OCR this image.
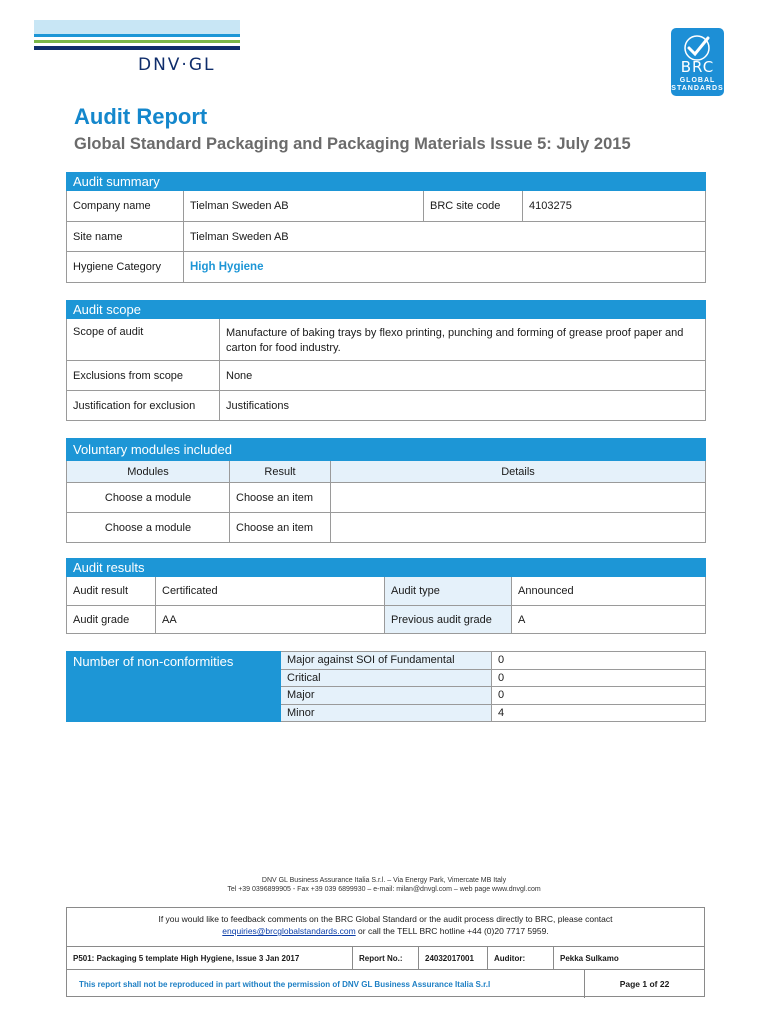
DNV·GL	BRC
GLOBAL
STANDARDS
Audit Report
Global Standard Packaging and Packaging Materials Issue 5: July 2015
Audit summary			
Company name	Tielman Sweden AB	BRC site code	4103275
Site name	Tielman Sweden AB		
Hygiene Category	High Hygiene		
Audit scope	
Scope of audit	Manufacture of baking trays by flexo printing, punching and forming of grease proof paper and carton for food industry.
Exclusions from scope	None
Justification for exclusion	Justifications
Voluntary modules included		
Modules	Result	Details
Choose a module	Choose an item	
Choose a module	Choose an item	
Audit results			
Audit result	Certificated	Audit type	Announced
Audit grade	AA	Previous audit grade	A
Number of non-conformities	Major against SOI of Fundamental	0
	Critical	0
	Major	0
	Minor	4
DNV GL Business Assurance Italia S.r.l. – Via Energy Park, Vimercate MB Italy
Tel +39 0396899905 - Fax +39 039 6899930 – e-mail: milan@dnvgl.com – web page www.dnvgl.com
If you would like to feedback comments on the BRC Global Standard or the audit process directly to BRC, please contact
enquiries@brcglobalstandards.com or call the TELL BRC hotline +44 (0)20 7717 5959.
P501: Packaging 5 template High Hygiene, Issue 3 Jan 2017	Report No.:	24032017001	Auditor:	Pekka Sulkamo
This report shall not be reproduced in part without the permission of DNV GL Business Assurance Italia S.r.l	Page 1 of 22
